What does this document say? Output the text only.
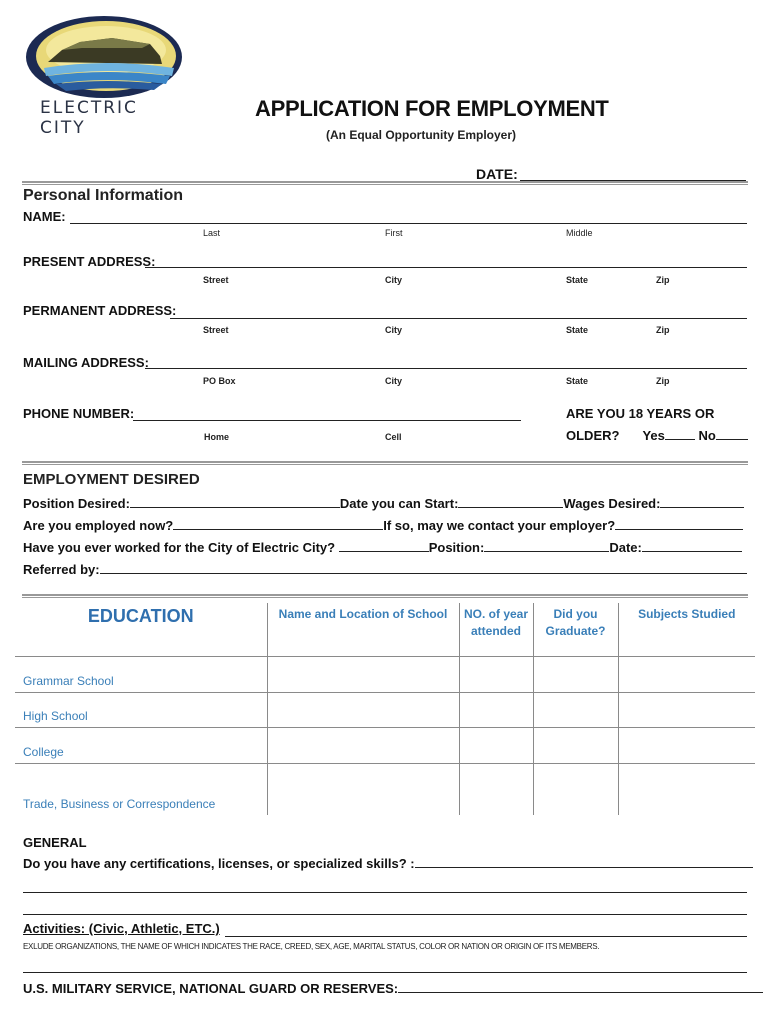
ELECTRIC CITY
APPLICATION FOR EMPLOYMENT
(An Equal Opportunity Employer)
DATE:
Personal Information
NAME:
Last	First	Middle
PRESENT ADDRESS:
Street	City	State	Zip
PERMANENT ADDRESS:
Street	City	State	Zip
MAILING ADDRESS:
PO Box	City	State	Zip
PHONE NUMBER:
Home	Cell
ARE YOU 18 YEARS OR
OLDER? Yes	No
EMPLOYMENT DESIRED
Position Desired:	Date you can Start:	Wages Desired:
Are you employed now?	If so, may we contact your employer?
Have you ever worked for the City of Electric City?	Position:	Date:
Referred by:
EDUCATION	Name and Location of School	NO. of year attended	Did you Graduate?	Subjects Studied
Grammar School				
High School				
College				
Trade, Business or Correspondence				
GENERAL
Do you have any certifications, licenses, or specialized skills? :
Activities: (Civic, Athletic, ETC.)
EXLUDE ORGANIZATIONS, THE NAME OF WHICH INDICATES THE RACE, CREED, SEX, AGE, MARITAL STATUS, COLOR OR NATION OR ORIGIN OF ITS MEMBERS.
U.S. MILITARY SERVICE, NATIONAL GUARD OR RESERVES:
